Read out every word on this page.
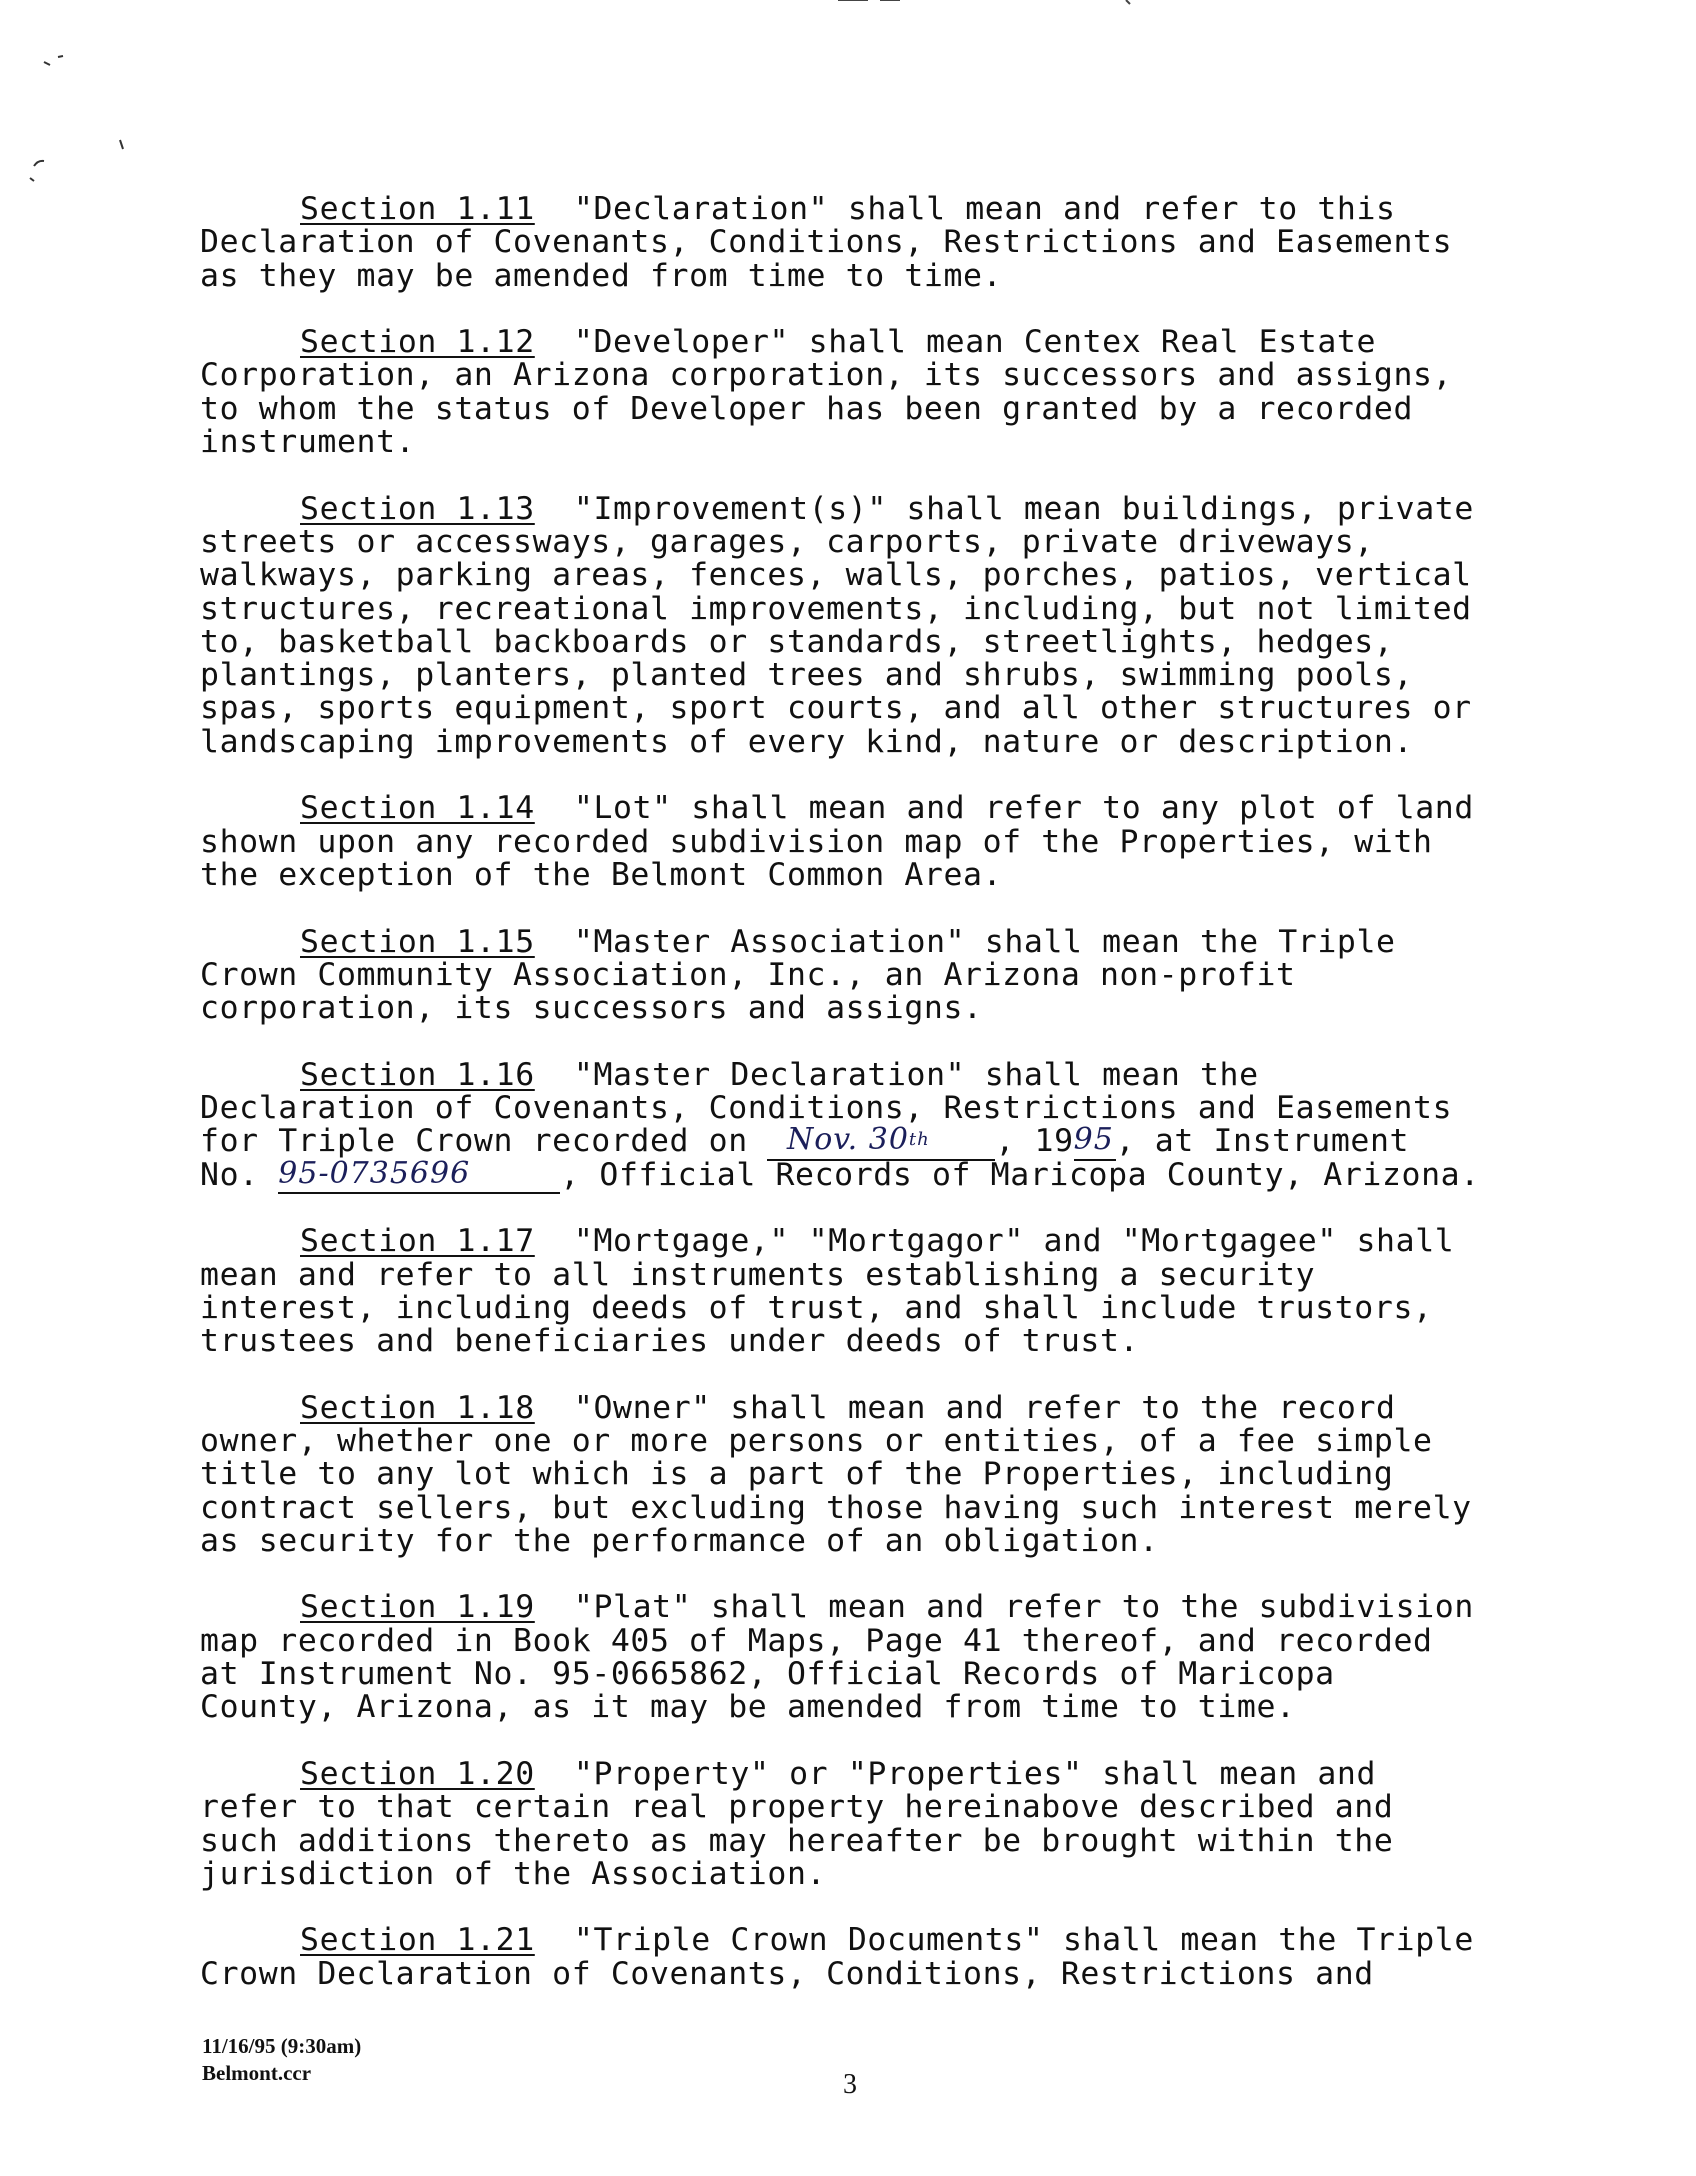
Section 1.11  "Declaration" shall mean and refer to this
Declaration of Covenants, Conditions, Restrictions and Easements
as they may be amended from time to time.
Section 1.12  "Developer" shall mean Centex Real Estate
Corporation, an Arizona corporation, its successors and assigns,
to whom the status of Developer has been granted by a recorded
instrument.
Section 1.13  "Improvement(s)" shall mean buildings, private
streets or accessways, garages, carports, private driveways,
walkways, parking areas, fences, walls, porches, patios, vertical
structures, recreational improvements, including, but not limited
to, basketball backboards or standards, streetlights, hedges,
plantings, planters, planted trees and shrubs, swimming pools,
spas, sports equipment, sport courts, and all other structures or
landscaping improvements of every kind, nature or description.
Section 1.14  "Lot" shall mean and refer to any plot of land
shown upon any recorded subdivision map of the Properties, with
the exception of the Belmont Common Area.
Section 1.15  "Master Association" shall mean the Triple
Crown Community Association, Inc., an Arizona non-profit
corporation, its successors and assigns.
Section 1.16  "Master Declaration" shall mean the
Declaration of Covenants, Conditions, Restrictions and Easements
for Triple Crown recorded on  Nov. 30th , 1995, at Instrument
No. 95-0735696	, Official Records of Maricopa County, Arizona.
Section 1.17  "Mortgage," "Mortgagor" and "Mortgagee" shall
mean and refer to all instruments establishing a security
interest, including deeds of trust, and shall include trustors,
trustees and beneficiaries under deeds of trust.
Section 1.18  "Owner" shall mean and refer to the record
owner, whether one or more persons or entities, of a fee simple
title to any lot which is a part of the Properties, including
contract sellers, but excluding those having such interest merely
as security for the performance of an obligation.
Section 1.19  "Plat" shall mean and refer to the subdivision
map recorded in Book 405 of Maps, Page 41 thereof, and recorded
at Instrument No. 95-0665862, Official Records of Maricopa
County, Arizona, as it may be amended from time to time.
Section 1.20  "Property" or "Properties" shall mean and
refer to that certain real property hereinabove described and
such additions thereto as may hereafter be brought within the
jurisdiction of the Association.
Section 1.21  "Triple Crown Documents" shall mean the Triple
Crown Declaration of Covenants, Conditions, Restrictions and
11/16/95 (9:30am)
Belmont.ccr	3
